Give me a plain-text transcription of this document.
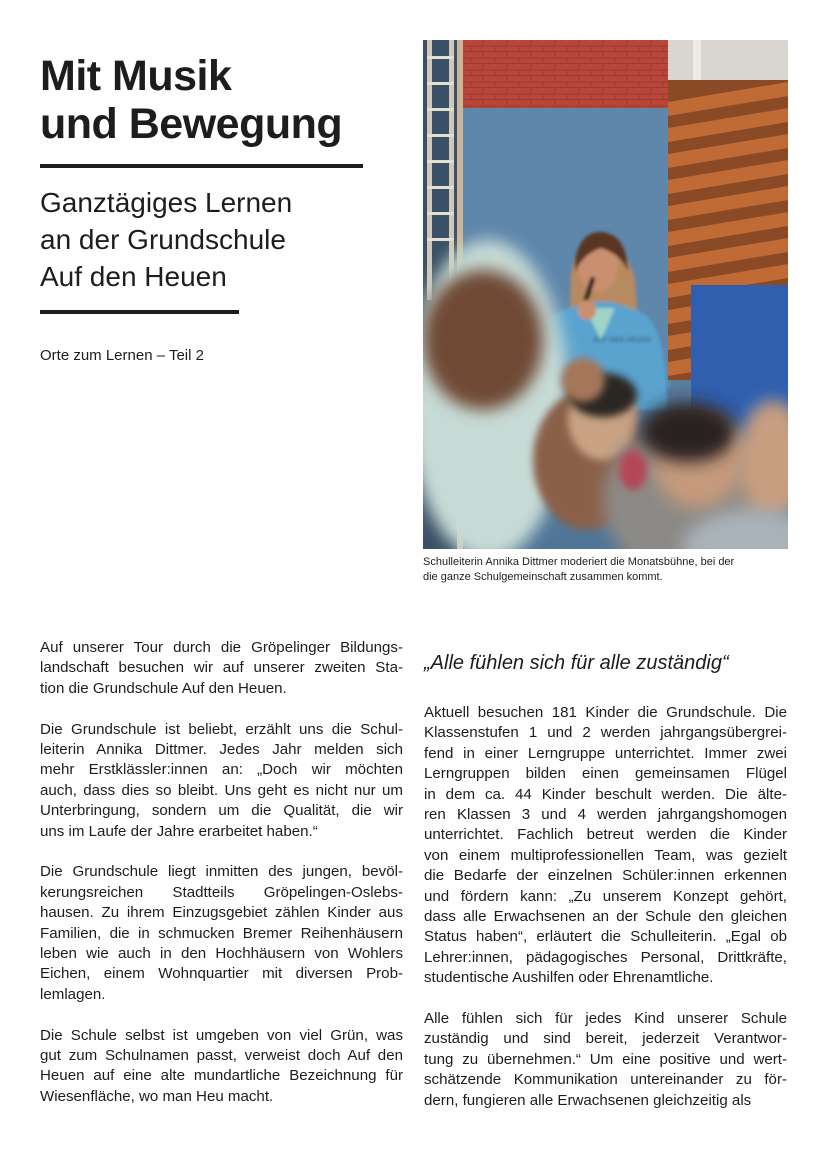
Mit Musik
und Bewegung
Ganztägiges Lernen
an der Grundschule
Auf den Heuen
Orte zum Lernen – Teil 2
AUF DEN HEUEN
Schulleiterin Annika Dittmer moderiert die Monatsbühne, bei der
die ganze Schulgemeinschaft zusammen kommt.

Auf unserer Tour durch die Gröpelinger Bildungs-
landschaft besuchen wir auf unserer zweiten Sta-
tion die Grundschule Auf den Heuen.

Die Grundschule ist beliebt, erzählt uns die Schul-
leiterin Annika Dittmer. Jedes Jahr melden sich
mehr Erstklässler:innen an: „Doch wir möchten
auch, dass dies so bleibt. Uns geht es nicht nur um
Unterbringung, sondern um die Qualität, die wir
uns im Laufe der Jahre erarbeitet haben.“

Die Grundschule liegt inmitten des jungen, bevöl-
kerungsreichen Stadtteils Gröpelingen-Oslebs-
hausen. Zu ihrem Einzugsgebiet zählen Kinder aus
Familien, die in schmucken Bremer Reihenhäusern
leben wie auch in den Hochhäusern von Wohlers
Eichen, einem Wohnquartier mit diversen Prob-
lemlagen.

Die Schule selbst ist umgeben von viel Grün, was
gut zum Schulnamen passt, verweist doch Auf den
Heuen auf eine alte mundartliche Bezeichnung für
Wiesenfläche, wo man Heu macht.

„Alle fühlen sich für alle zuständig“

Aktuell besuchen 181 Kinder die Grundschule. Die
Klassenstufen 1 und 2 werden jahrgangsübergrei-
fend in einer Lerngruppe unterrichtet. Immer zwei
Lerngruppen bilden einen gemeinsamen Flügel
in dem ca. 44 Kinder beschult werden. Die älte-
ren Klassen 3 und 4 werden jahrgangshomogen
unterrichtet. Fachlich betreut werden die Kinder
von einem multiprofessionellen Team, was gezielt
die Bedarfe der einzelnen Schüler:innen erkennen
und fördern kann: „Zu unserem Konzept gehört,
dass alle Erwachsenen an der Schule den gleichen
Status haben“, erläutert die Schulleiterin. „Egal ob
Lehrer:innen, pädagogisches Personal, Drittkräfte,
studentische Aushilfen oder Ehrenamtliche.

Alle fühlen sich für jedes Kind unserer Schule
zuständig und sind bereit, jederzeit Verantwor-
tung zu übernehmen.“ Um eine positive und wert-
schätzende Kommunikation untereinander zu för-
dern, fungieren alle Erwachsenen gleichzeitig als
